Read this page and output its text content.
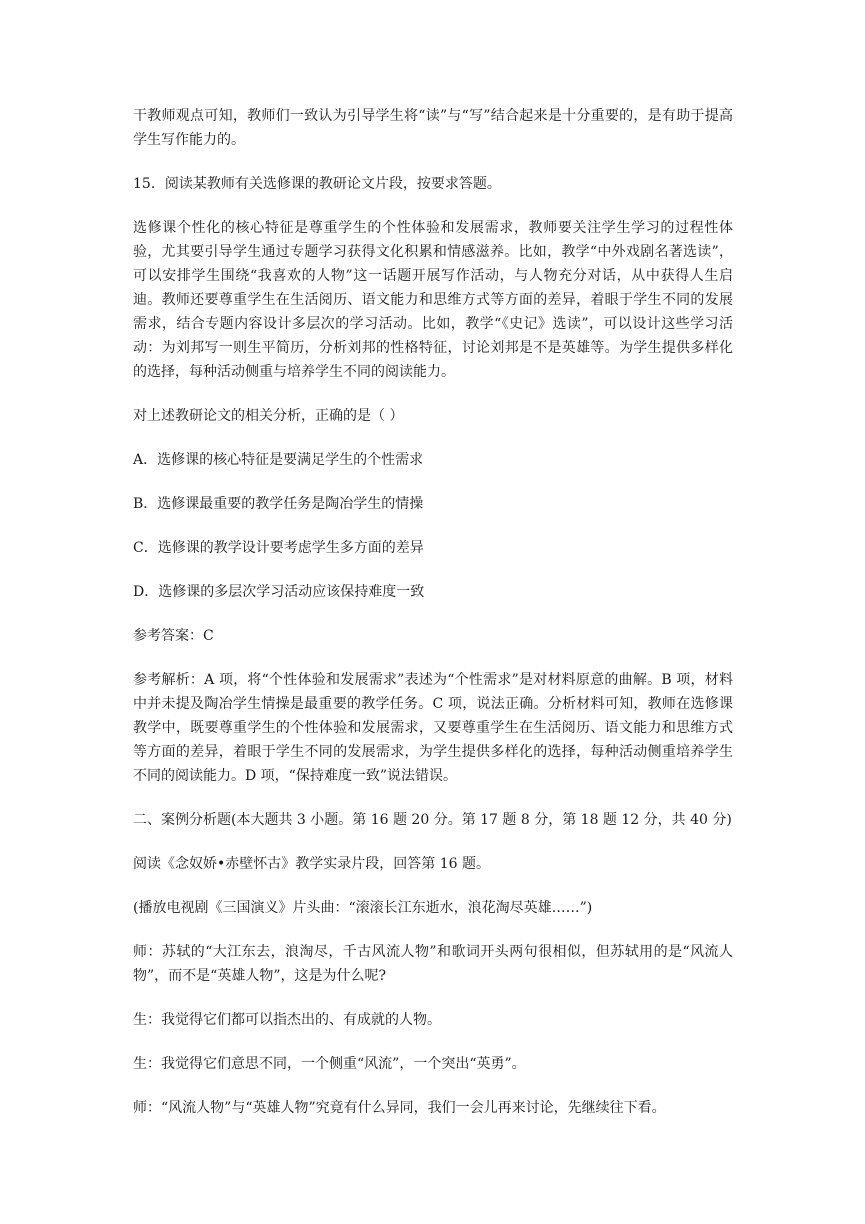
干教师观点可知，教师们一致认为引导学生将“读”与“写”结合起来是十分重要的，是有助于提高学生写作能力的。

15．阅读某教师有关选修课的教研论文片段，按要求答题。

选修课个性化的核心特征是尊重学生的个性体验和发展需求，教师要关注学生学习的过程性体验，尤其要引导学生通过专题学习获得文化积累和情感滋养。比如，教学“中外戏剧名著选读”，可以安排学生围绕“我喜欢的人物”这一话题开展写作活动，与人物充分对话，从中获得人生启迪。教师还要尊重学生在生活阅历、语文能力和思维方式等方面的差异，着眼于学生不同的发展需求，结合专题内容设计多层次的学习活动。比如，教学“《史记》选读”，可以设计这些学习活动：为刘邦写一则生平简历，分析刘邦的性格特征，讨论刘邦是不是英雄等。为学生提供多样化的选择，每种活动侧重与培养学生不同的阅读能力。

对上述教研论文的相关分析，正确的是（ ）

A．选修课的核心特征是要满足学生的个性需求

B．选修课最重要的教学任务是陶冶学生的情操

C．选修课的教学设计要考虑学生多方面的差异

D．选修课的多层次学习活动应该保持难度一致

参考答案：C

参考解析：A 项，将“个性体验和发展需求”表述为“个性需求”是对材料原意的曲解。B 项，材料中并未提及陶冶学生情操是最重要的教学任务。C 项，说法正确。分析材料可知，教师在选修课教学中，既要尊重学生的个性体验和发展需求，又要尊重学生在生活阅历、语文能力和思维方式等方面的差异，着眼于学生不同的发展需求，为学生提供多样化的选择，每种活动侧重培养学生不同的阅读能力。D 项，“保持难度一致”说法错误。

二、案例分析题(本大题共 3 小题。第 16 题 20 分。第 17 题 8 分，第 18 题 12 分，共 40 分)

阅读《念奴娇•赤壁怀古》教学实录片段，回答第 16 题。

(播放电视剧《三国演义》片头曲：“滚滚长江东逝水，浪花淘尽英雄……”)

师：苏轼的“大江东去，浪淘尽，千古风流人物”和歌词开头两句很相似，但苏轼用的是“风流人物”，而不是“英雄人物”，这是为什么呢?

生：我觉得它们都可以指杰出的、有成就的人物。

生：我觉得它们意思不同，一个侧重“风流”，一个突出“英勇”。

师：“风流人物”与“英雄人物”究竟有什么异同，我们一会儿再来讨论，先继续往下看。
